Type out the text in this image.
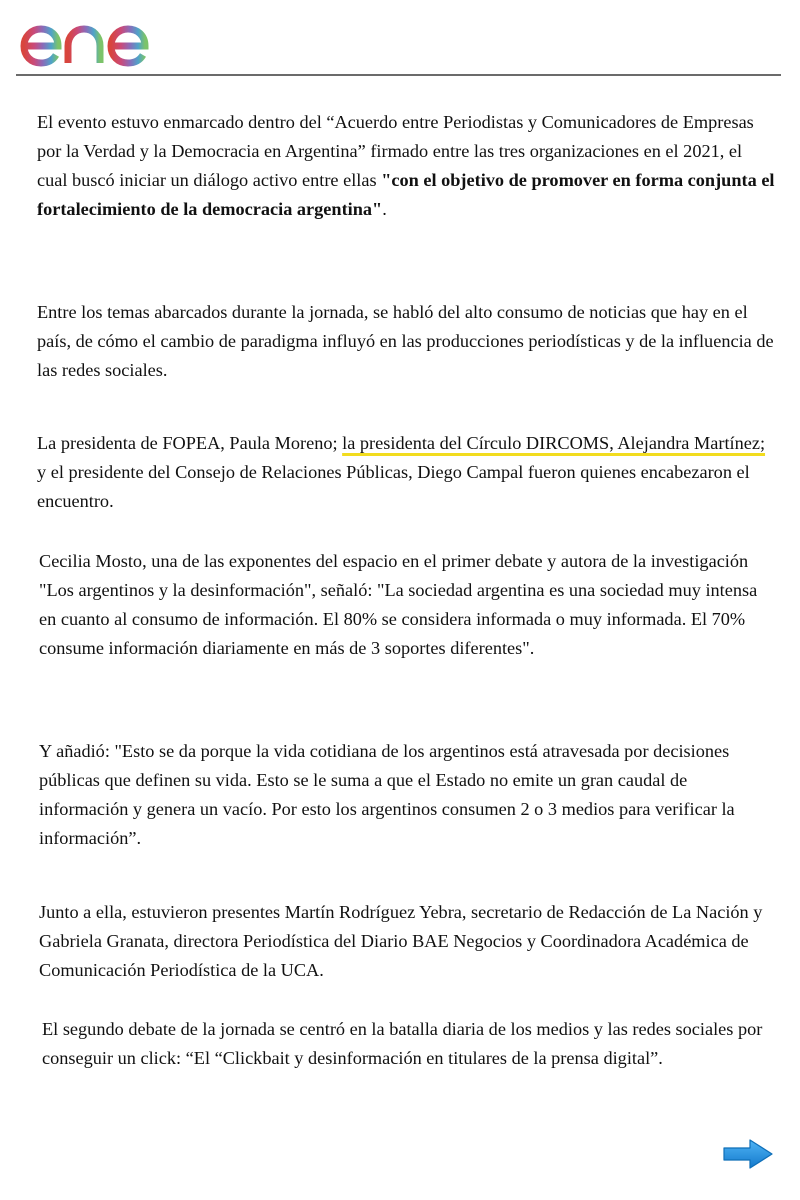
El evento estuvo enmarcado dentro del “Acuerdo entre Periodistas y Comunicadores de Empresas por la Verdad y la Democracia en Argentina” firmado entre las tres organizaciones en el 2021, el cual buscó iniciar un diálogo activo entre ellas "con el objetivo de promover en forma conjunta el fortalecimiento de la democracia argentina".

Entre los temas abarcados durante la jornada, se habló del alto consumo de noticias que hay en el país, de cómo el cambio de paradigma influyó en las producciones periodísticas y de la influencia de las redes sociales.

La presidenta de FOPEA, Paula Moreno; la presidenta del Círculo DIRCOMS, Alejandra Martínez; y el presidente del Consejo de Relaciones Públicas, Diego Campal fueron quienes encabezaron el encuentro.

Cecilia Mosto, una de las exponentes del espacio en el primer debate y autora de la investigación "Los argentinos y la desinformación", señaló: "La sociedad argentina es una sociedad muy intensa en cuanto al consumo de información. El 80% se considera informada o muy informada. El 70% consume información diariamente en más de 3 soportes diferentes".

Y añadió: "Esto se da porque la vida cotidiana de los argentinos está atravesada por decisiones públicas que definen su vida. Esto se le suma a que el Estado no emite un gran caudal de información y genera un vacío. Por esto los argentinos consumen 2 o 3 medios para verificar la información”.

Junto a ella, estuvieron presentes Martín Rodríguez Yebra, secretario de Redacción de La Nación y Gabriela Granata, directora Periodística del Diario BAE Negocios y Coordinadora Académica de Comunicación Periodística de la UCA.

El segundo debate de la jornada se centró en la batalla diaria de los medios y las redes sociales por conseguir un click: “El “Clickbait y desinformación en titulares de la prensa digital”.
